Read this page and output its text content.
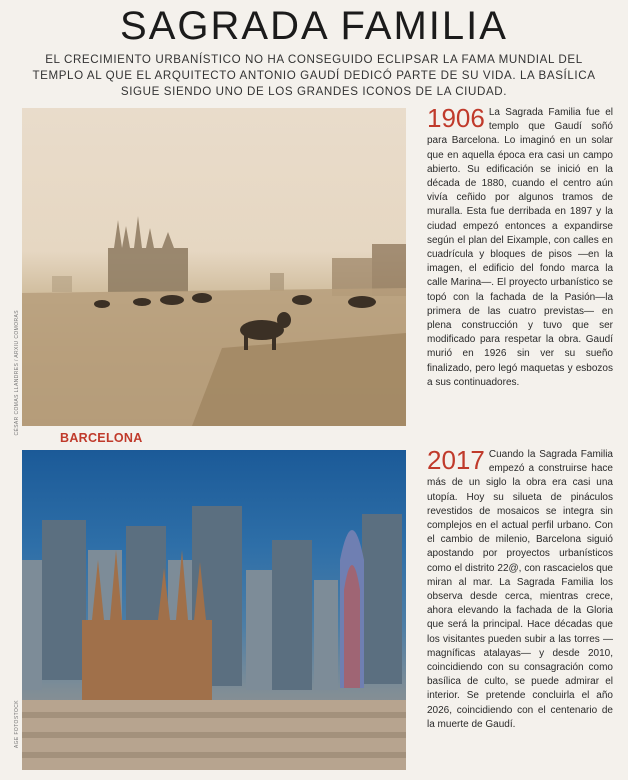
SAGRADA FAMILIA
EL CRECIMIENTO URBANÍSTICO NO HA CONSEGUIDO ECLIPSAR LA FAMA MUNDIAL DEL TEMPLO AL QUE EL ARQUITECTO ANTONIO GAUDÍ DEDICÓ PARTE DE SU VIDA. LA BASÍLICA SIGUE SIENDO UNO DE LOS GRANDES ICONOS DE LA CIUDAD.
CÉSAR COMAS LLANDRES / ARXIU COMORAS
BARCELONA
AGE FOTOSTOCK
1906 La Sagrada Familia fue el templo que Gaudí soñó para Barcelona. Lo imaginó en un solar que en aquella época era casi un campo abierto. Su edificación se inició en la década de 1880, cuando el centro aún vivía ceñido por algunos tramos de muralla. Esta fue derribada en 1897 y la ciudad empezó entonces a expandirse según el plan del Eixample, con calles en cuadrícula y bloques de pisos —en la imagen, el edificio del fondo marca la calle Marina—. El proyecto urbanístico se topó con la fachada de la Pasión—la primera de las cuatro previstas— en plena construcción y tuvo que ser modificado para respetar la obra. Gaudí murió en 1926 sin ver su sueño finalizado, pero legó maquetas y esbozos a sus continuadores.
2017 Cuando la Sagrada Familia empezó a construirse hace más de un siglo la obra era casi una utopía. Hoy su silueta de pináculos revestidos de mosaicos se integra sin complejos en el actual perfil urbano. Con el cambio de milenio, Barcelona siguió apostando por proyectos urbanísticos como el distrito 22@, con rascacielos que miran al mar. La Sagrada Familia los observa desde cerca, mientras crece, ahora elevando la fachada de la Gloria que será la principal. Hace décadas que los visitantes pueden subir a las torres —magníficas atalayas— y desde 2010, coincidiendo con su consagración como basílica de culto, se puede admirar el interior. Se pretende concluirla el año 2026, coincidiendo con el centenario de la muerte de Gaudí.
